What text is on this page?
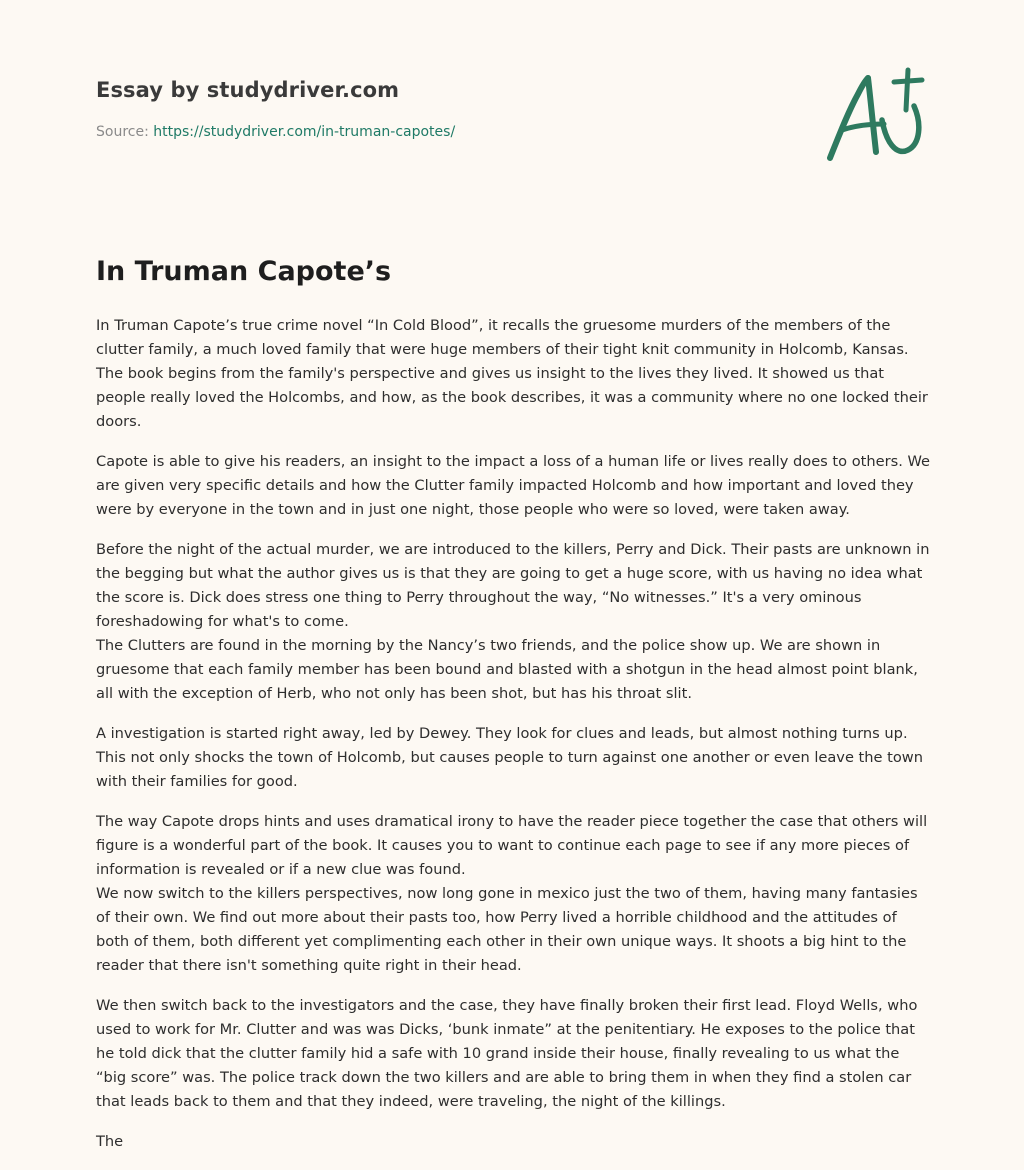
Essay by studydriver.com
Source: https://studydriver.com/in-truman-capotes/
In Truman Capote’s

In Truman Capote’s true crime novel “In Cold Blood”, it recalls the gruesome murders of the members of the clutter family, a much loved family that were huge members of their tight knit community in Holcomb, Kansas. The book begins from the family's perspective and gives us insight to the lives they lived. It showed us that people really loved the Holcombs, and how, as the book describes, it was a community where no one locked their doors.

Capote is able to give his readers, an insight to the impact a loss of a human life or lives really does to others. We are given very specific details and how the Clutter family impacted Holcomb and how important and loved they were by everyone in the town and in just one night, those people who were so loved, were taken away.

Before the night of the actual murder, we are introduced to the killers, Perry and Dick. Their pasts are unknown in the begging but what the author gives us is that they are going to get a huge score, with us having no idea what the score is. Dick does stress one thing to Perry throughout the way, “No witnesses.” It's a very ominous foreshadowing for what's to come.

The Clutters are found in the morning by the Nancy’s two friends, and the police show up. We are shown in gruesome that each family member has been bound and blasted with a shotgun in the head almost point blank, all with the exception of Herb, who not only has been shot, but has his throat slit.

A investigation is started right away, led by Dewey. They look for clues and leads, but almost nothing turns up. This not only shocks the town of Holcomb, but causes people to turn against one another or even leave the town with their families for good.

The way Capote drops hints and uses dramatical irony to have the reader piece together the case that others will figure is a wonderful part of the book. It causes you to want to continue each page to see if any more pieces of information is revealed or if a new clue was found.

We now switch to the killers perspectives, now long gone in mexico just the two of them, having many fantasies of their own. We find out more about their pasts too, how Perry lived a horrible childhood and the attitudes of both of them, both different yet complimenting each other in their own unique ways. It shoots a big hint to the reader that there isn't something quite right in their head.

We then switch back to the investigators and the case, they have finally broken their first lead. Floyd Wells, who used to work for Mr. Clutter and was was Dicks, ‘bunk inmate” at the penitentiary. He exposes to the police that he told dick that the clutter family hid a safe with 10 grand inside their house, finally revealing to us what the “big score” was. The police track down the two killers and are able to bring them in when they find a stolen car that leads back to them and that they indeed, were traveling, the night of the killings.

The
